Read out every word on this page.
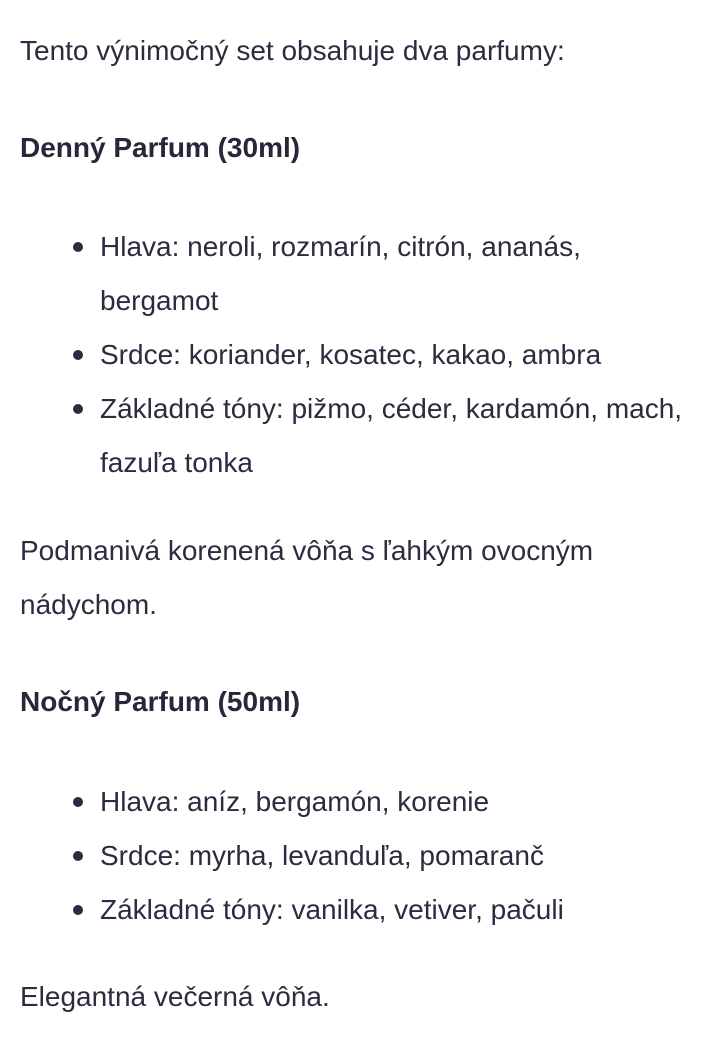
Tento výnimočný set obsahuje dva parfumy:

Denný Parfum (30ml)
Hlava: neroli, rozmarín, citrón, ananás, bergamot
Srdce: koriander, kosatec, kakao, ambra
Základné tóny: pižmo, céder, kardamón, mach, fazuľa tonka

Podmanivá korenená vôňa s ľahkým ovocným nádychom.

Nočný Parfum (50ml)
Hlava: aníz, bergamón, korenie
Srdce: myrha, levanduľa, pomaranč
Základné tóny: vanilka, vetiver, pačuli

Elegantná večerná vôňa.
